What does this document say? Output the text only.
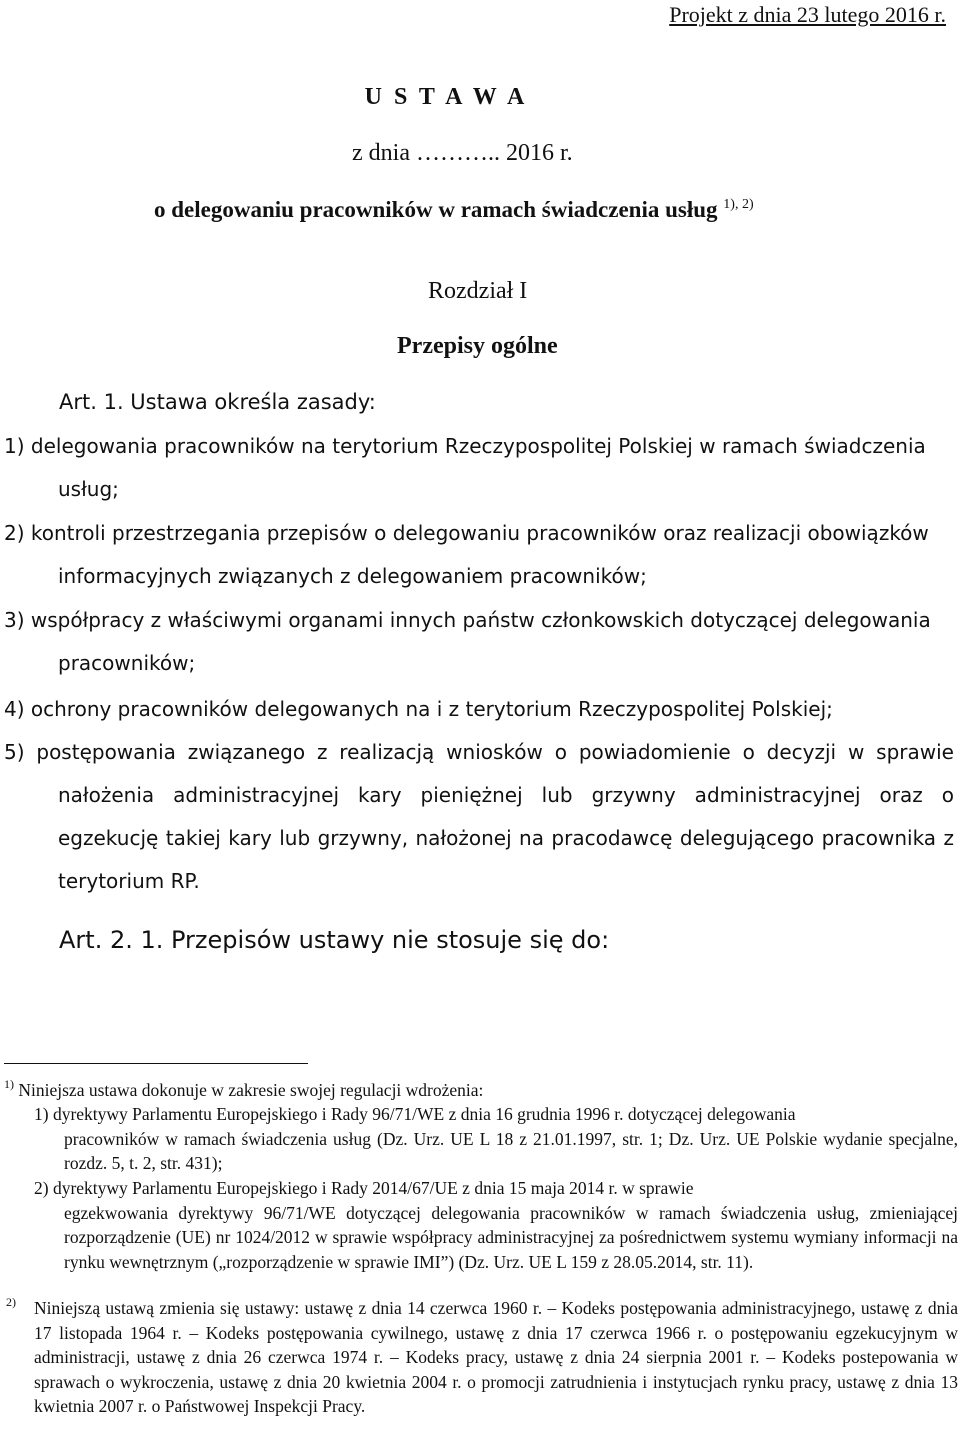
Projekt z dnia 23 lutego 2016 r.
U S T A W A
z dnia ……….. 2016 r.
o delegowaniu pracowników w ramach świadczenia usług $^{1), 2)}$
Rozdział I
Przepisy ogólne
Art. 1. Ustawa określa zasady:
1) delegowania pracowników na terytorium Rzeczypospolitej Polskiej w ramach świadczenia
usług;
2) kontroli przestrzegania przepisów o delegowaniu pracowników oraz realizacji obowiązków
informacyjnych związanych z delegowaniem pracowników;
3) współpracy z właściwymi organami innych państw członkowskich dotyczącej delegowania
pracowników;
4) ochrony pracowników delegowanych na i z terytorium Rzeczypospolitej Polskiej;
5) postępowania związanego z realizacją wniosków o powiadomienie o decyzji w sprawie
nałożenia administracyjnej kary pieniężnej lub grzywny administracyjnej oraz o
egzekucję takiej kary lub grzywny, nałożonej na pracodawcę delegującego pracownika z
terytorium RP.
Art. 2. 1. Przepisów ustawy nie stosuje się do:
$^{1)}$ Niniejsza ustawa dokonuje w zakresie swojej regulacji wdrożenia:
1) dyrektywy Parlamentu Europejskiego i Rady 96/71/WE z dnia 16 grudnia 1996 r. dotyczącej delegowania
pracowników w ramach świadczenia usług (Dz. Urz. UE L 18 z 21.01.1997, str. 1; Dz. Urz. UE Polskie wydanie specjalne, rozdz. 5, t. 2, str. 431);
2) dyrektywy Parlamentu Europejskiego i Rady 2014/67/UE z dnia 15 maja 2014 r. w sprawie
egzekwowania dyrektywy 96/71/WE dotyczącej delegowania pracowników w ramach świadczenia usług, zmieniającej rozporządzenie (UE) nr 1024/2012 w sprawie współpracy administracyjnej za pośrednictwem systemu wymiany informacji na rynku wewnętrznym („rozporządzenie w sprawie IMI”) (Dz. Urz. UE L 159 z 28.05.2014, str. 11).
2) Niniejszą ustawą zmienia się ustawy: ustawę z dnia 14 czerwca 1960 r. – Kodeks postępowania administracyjnego, ustawę z dnia 17 listopada 1964 r. – Kodeks postępowania cywilnego, ustawę z dnia 17 czerwca 1966 r. o postępowaniu egzekucyjnym w administracji, ustawę z dnia 26 czerwca 1974 r. – Kodeks pracy, ustawę z dnia 24 sierpnia 2001 r. – Kodeks postepowania w sprawach o wykroczenia, ustawę z dnia 20 kwietnia 2004 r. o promocji zatrudnienia i instytucjach rynku pracy, ustawę z dnia 13 kwietnia 2007 r. o Państwowej Inspekcji Pracy.
